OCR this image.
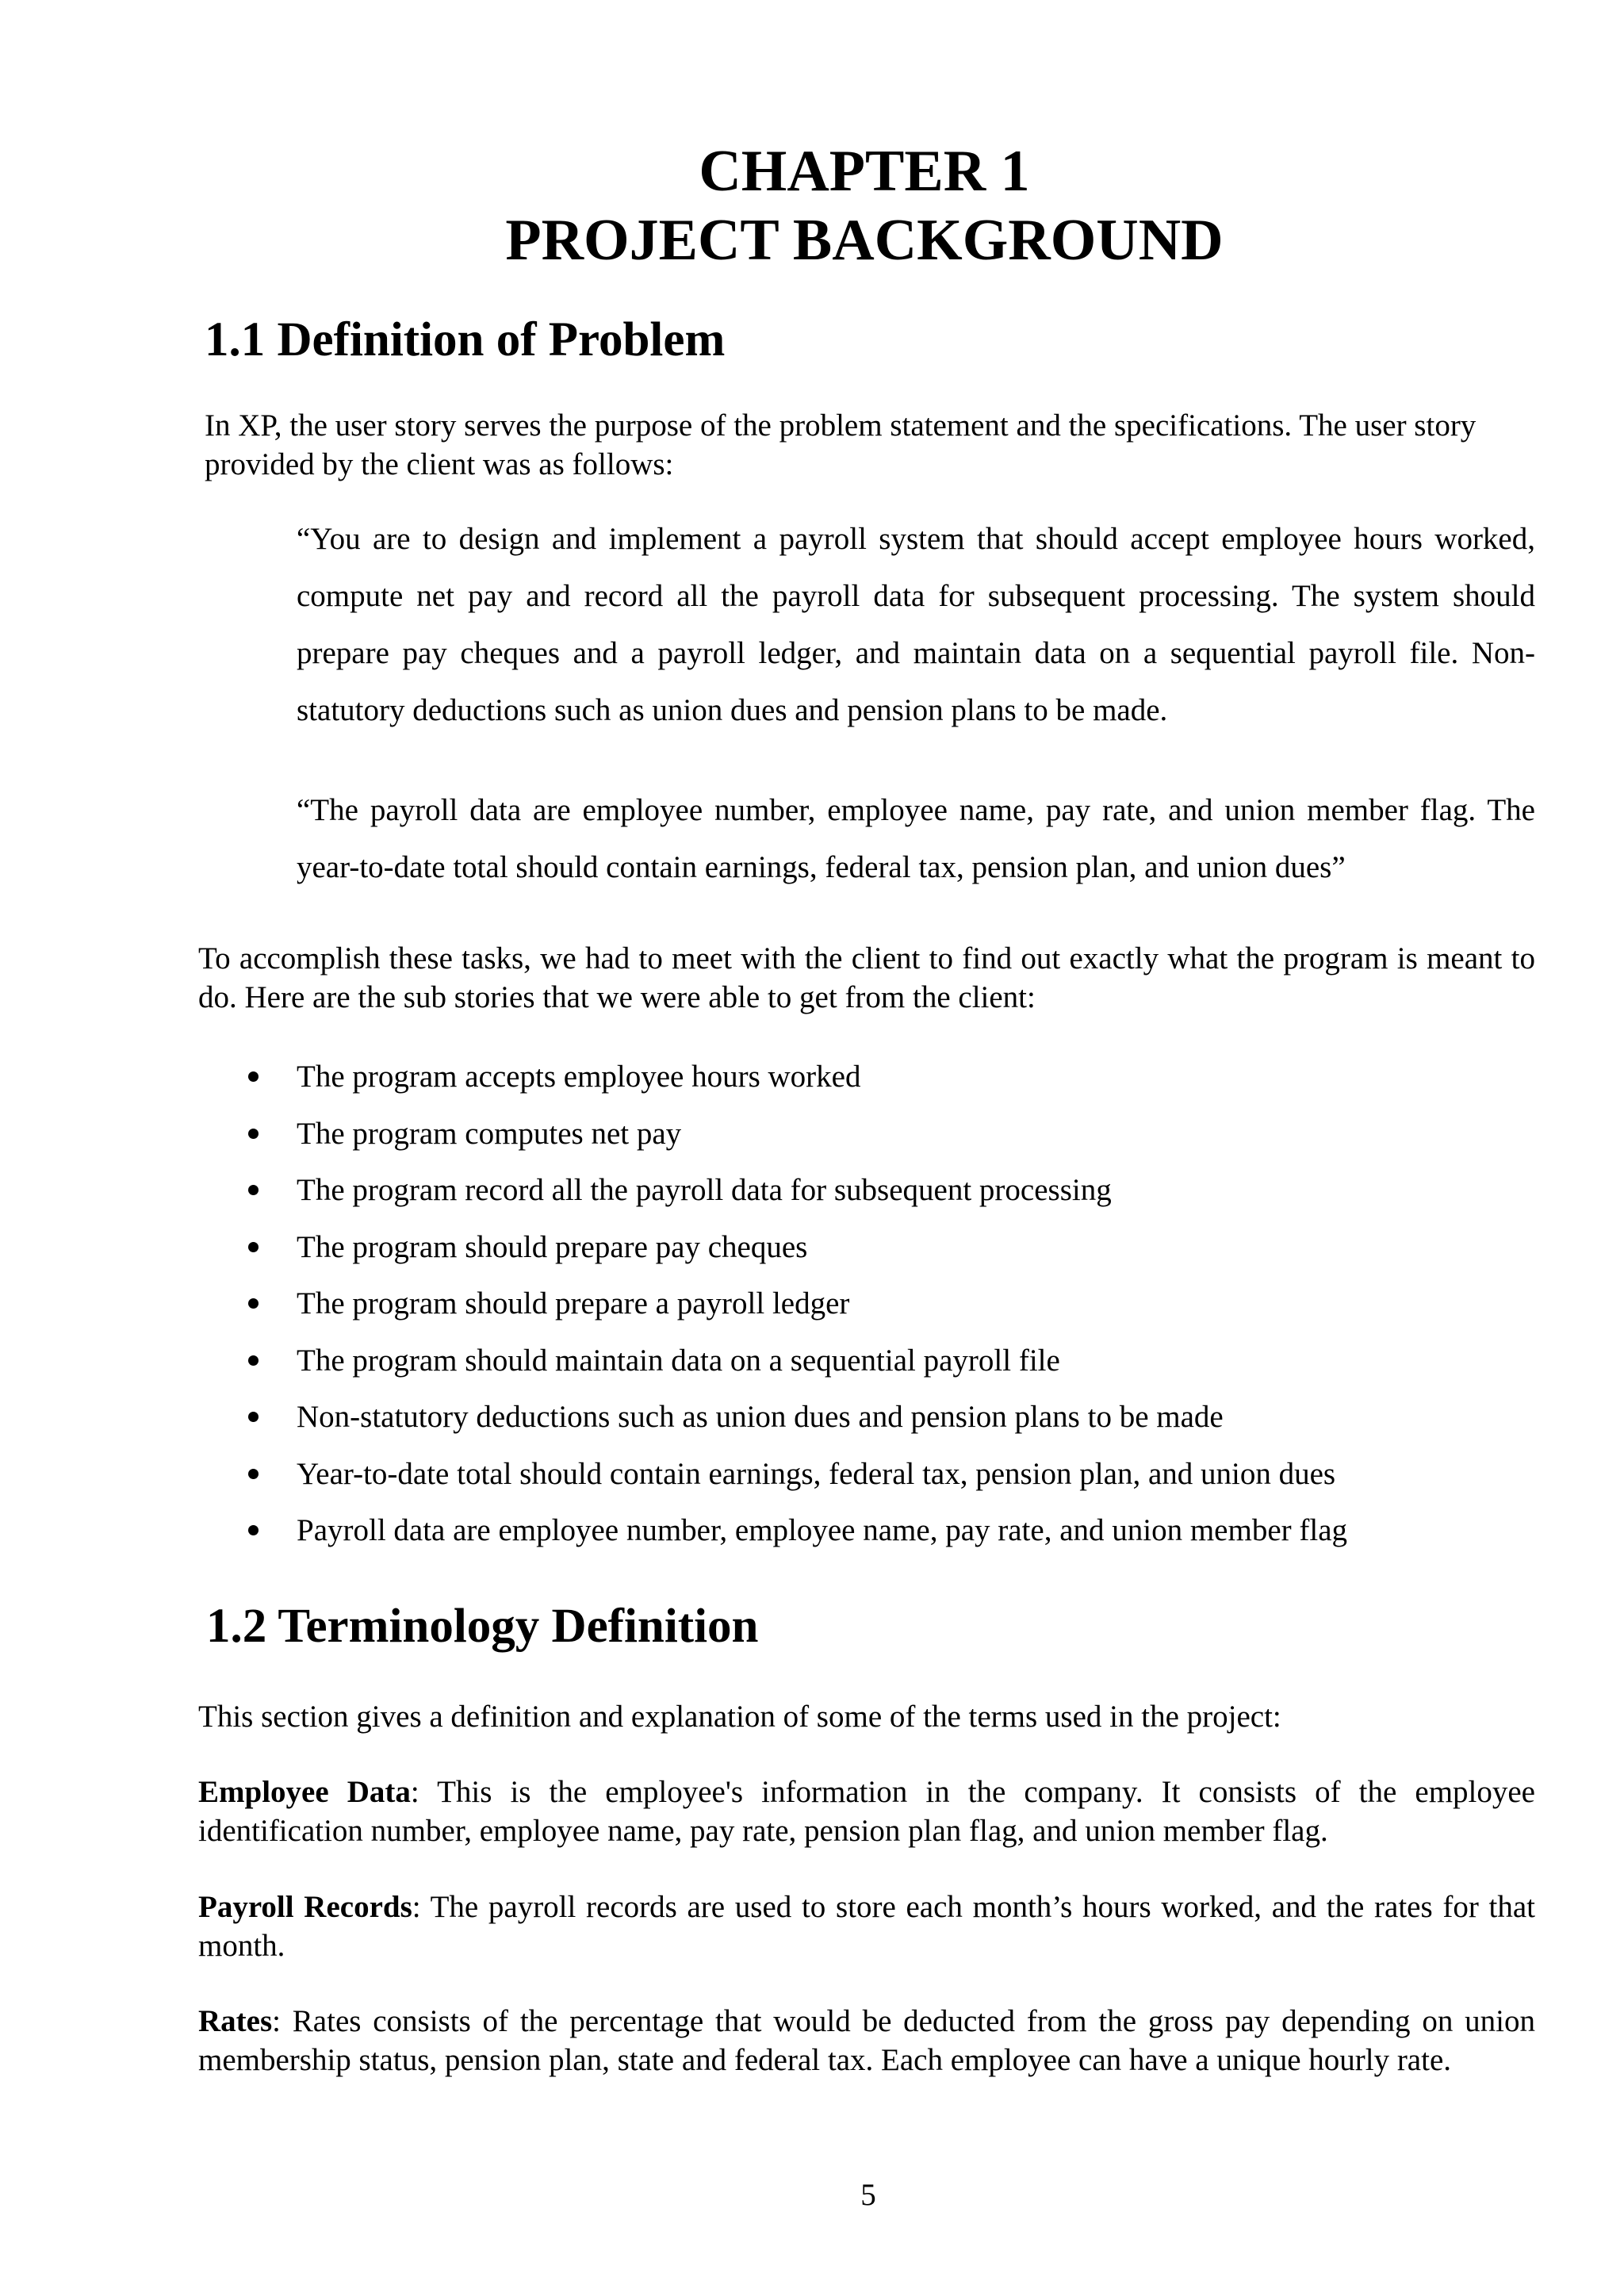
CHAPTER 1
PROJECT BACKGROUND
1.1 Definition of Problem

In XP, the user story serves the purpose of the problem statement and the specifications. The user story provided by the client was as follows:

“You are to design and implement a payroll system that should accept employee hours worked, compute net pay and record all the payroll data for subsequent processing. The system should prepare pay cheques and a payroll ledger, and maintain data on a sequential payroll file. Non-statutory deductions such as union dues and pension plans to be made.

“The payroll data are employee number, employee name, pay rate, and union member flag. The year-to-date total should contain earnings, federal tax, pension plan, and union dues”

To accomplish these tasks, we had to meet with the client to find out exactly what the program is meant to do. Here are the sub stories that we were able to get from the client:

The program accepts employee hours worked
The program computes net pay
The program record all the payroll data for subsequent processing
The program should prepare pay cheques
The program should prepare a payroll ledger
The program should maintain data on a sequential payroll file
Non-statutory deductions such as union dues and pension plans to be made
Year-to-date total should contain earnings, federal tax, pension plan, and union dues
Payroll data are employee number, employee name, pay rate, and union member flag
1.2 Terminology Definition

This section gives a definition and explanation of some of the terms used in the project:

Employee Data: This is the employee's information in the company. It consists of the employee identification number, employee name, pay rate, pension plan flag, and union member flag.

Payroll Records: The payroll records are used to store each month’s hours worked, and the rates for that month.

Rates: Rates consists of the percentage that would be deducted from the gross pay depending on union membership status, pension plan, state and federal tax. Each employee can have a unique hourly rate.

5
